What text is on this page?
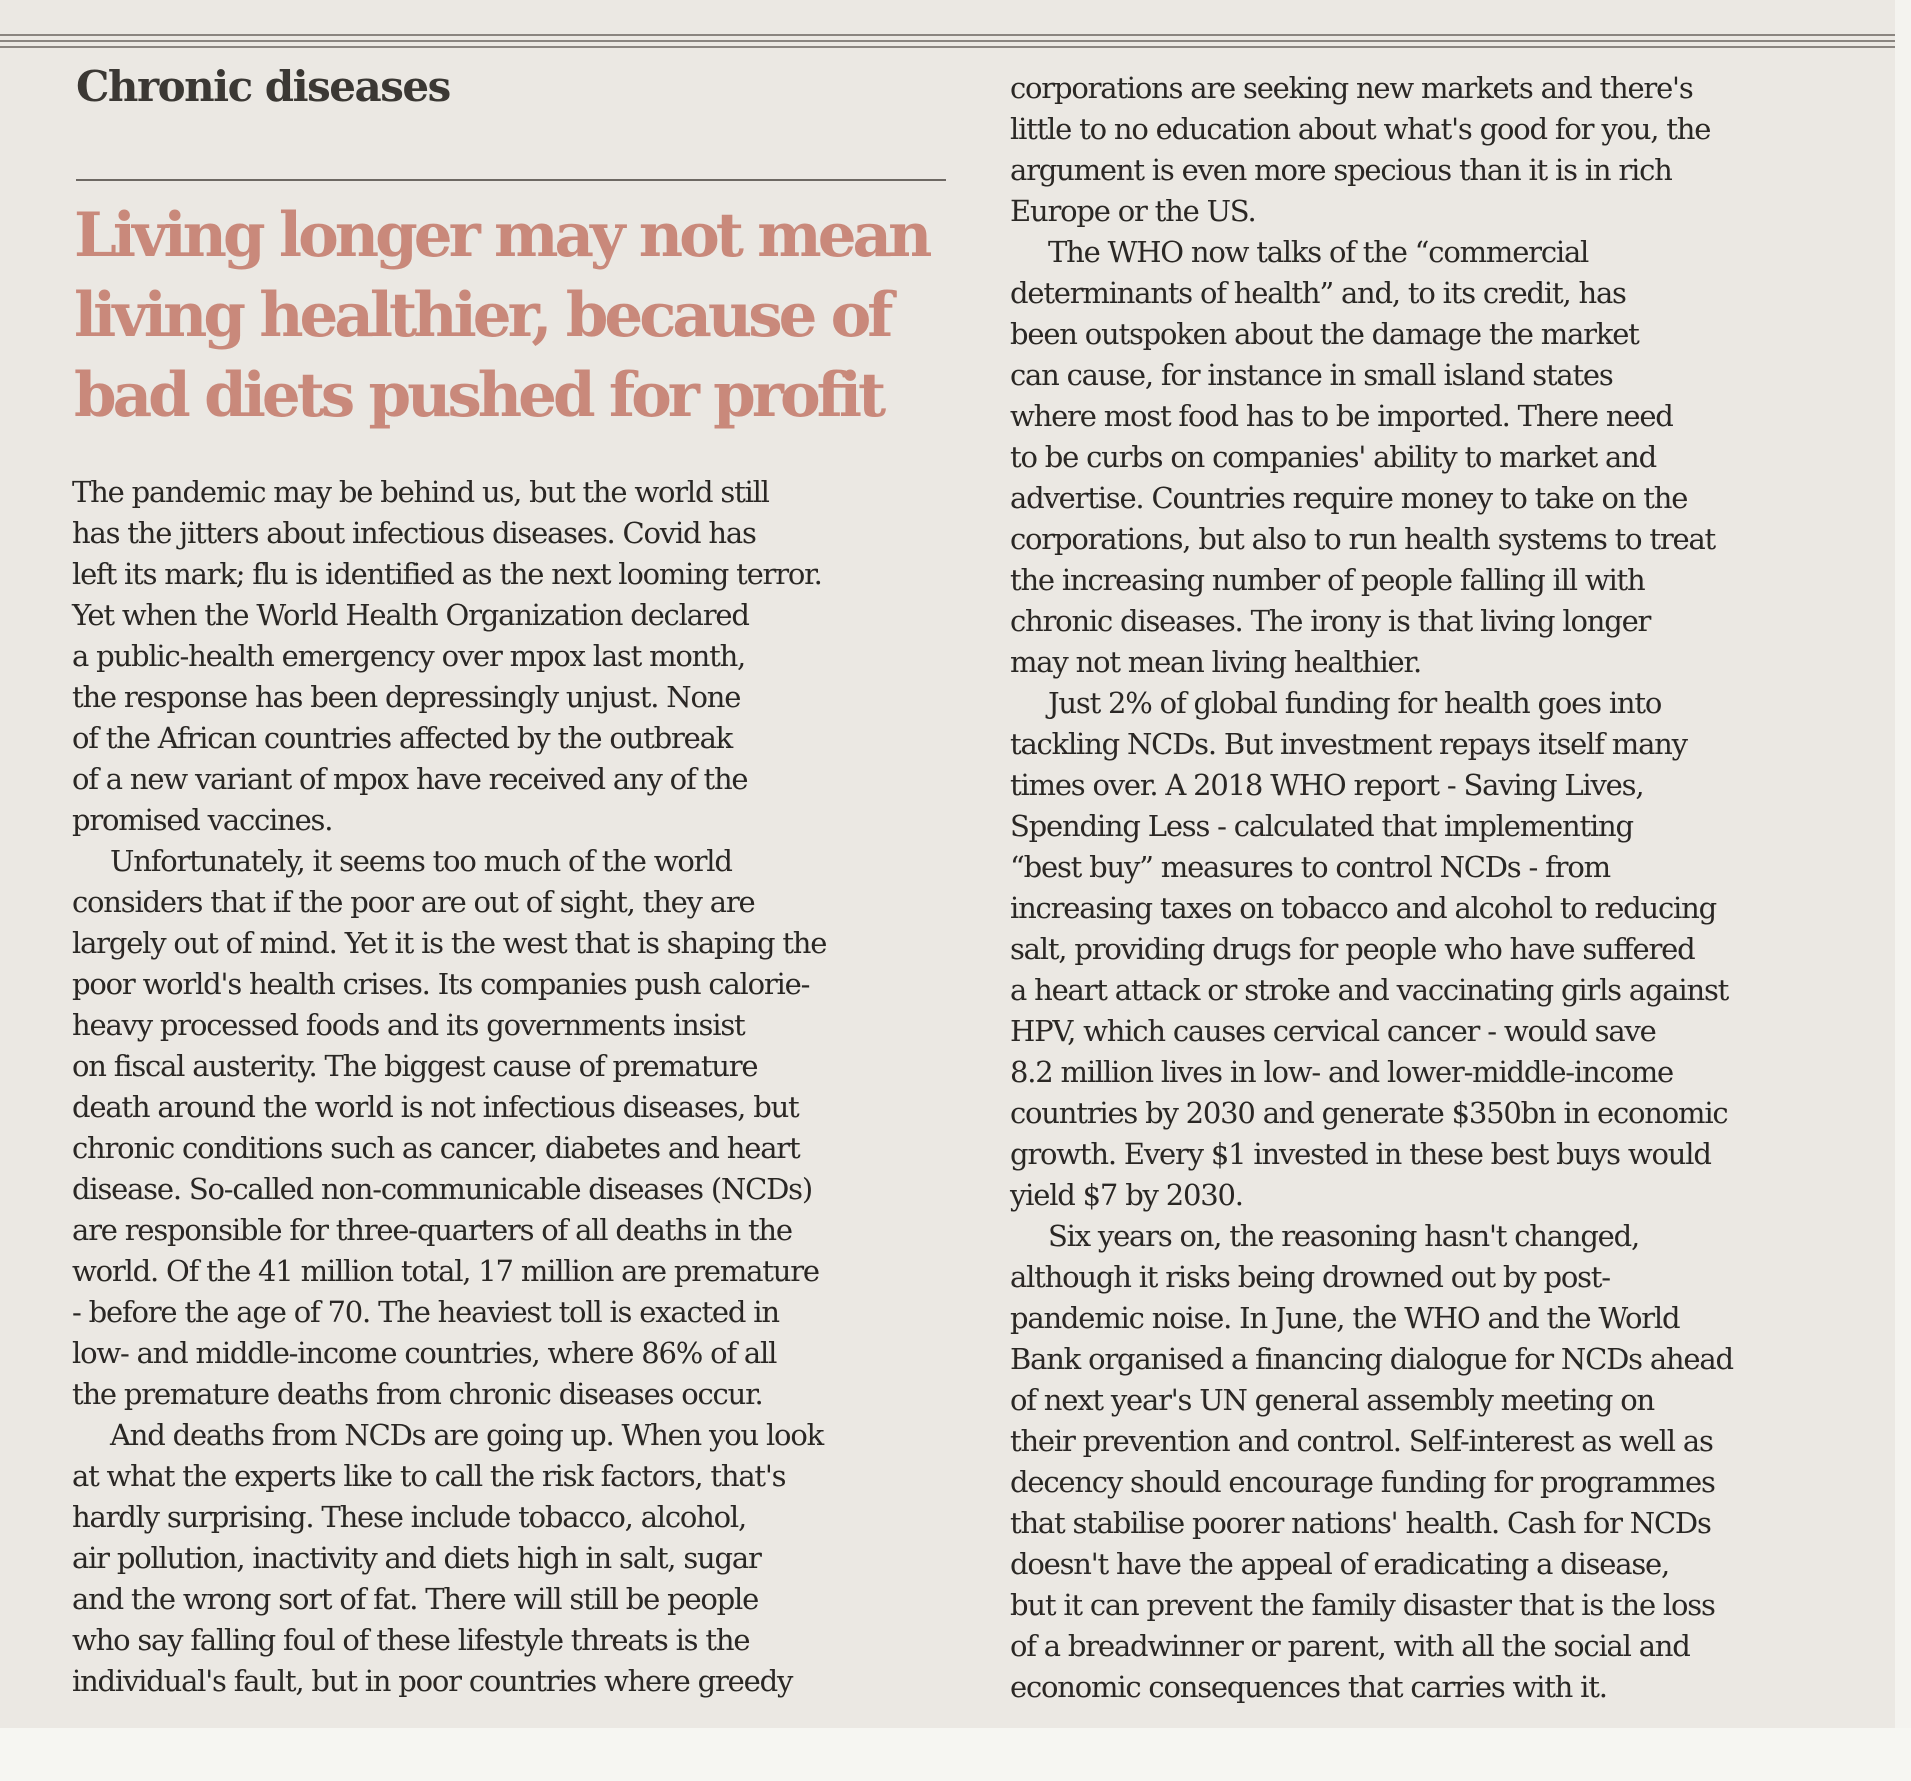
Chronic diseases
Living longer may not mean
living healthier, because of
bad diets pushed for profit
The pandemic may be behind us, but the world still
has the jitters about infectious diseases. Covid has
left its mark; flu is identified as the next looming terror.
Yet when the World Health Organization declared
a public-health emergency over mpox last month,
the response has been depressingly unjust. None
of the African countries affected by the outbreak
of a new variant of mpox have received any of the
promised vaccines.
Unfortunately, it seems too much of the world
considers that if the poor are out of sight, they are
largely out of mind. Yet it is the west that is shaping the
poor world's health crises. Its companies push calorie-
heavy processed foods and its governments insist
on fiscal austerity. The biggest cause of premature
death around the world is not infectious diseases, but
chronic conditions such as cancer, diabetes and heart
disease. So-called non-communicable diseases (NCDs)
are responsible for three-quarters of all deaths in the
world. Of the 41 million total, 17 million are premature
- before the age of 70. The heaviest toll is exacted in
low- and middle-income countries, where 86% of all
the premature deaths from chronic diseases occur.
And deaths from NCDs are going up. When you look
at what the experts like to call the risk factors, that's
hardly surprising. These include tobacco, alcohol,
air pollution, inactivity and diets high in salt, sugar
and the wrong sort of fat. There will still be people
who say falling foul of these lifestyle threats is the
individual's fault, but in poor countries where greedy
corporations are seeking new markets and there's
little to no education about what's good for you, the
argument is even more specious than it is in rich
Europe or the US.
The WHO now talks of the “commercial
determinants of health” and, to its credit, has
been outspoken about the damage the market
can cause, for instance in small island states
where most food has to be imported. There need
to be curbs on companies' ability to market and
advertise. Countries require money to take on the
corporations, but also to run health systems to treat
the increasing number of people falling ill with
chronic diseases. The irony is that living longer
may not mean living healthier.
Just 2% of global funding for health goes into
tackling NCDs. But investment repays itself many
times over. A 2018 WHO report - Saving Lives,
Spending Less - calculated that implementing
“best buy” measures to control NCDs - from
increasing taxes on tobacco and alcohol to reducing
salt, providing drugs for people who have suffered
a heart attack or stroke and vaccinating girls against
HPV, which causes cervical cancer - would save
8.2 million lives in low- and lower-middle-income
countries by 2030 and generate $350bn in economic
growth. Every $1 invested in these best buys would
yield $7 by 2030.
Six years on, the reasoning hasn't changed,
although it risks being drowned out by post-
pandemic noise. In June, the WHO and the World
Bank organised a financing dialogue for NCDs ahead
of next year's UN general assembly meeting on
their prevention and control. Self-interest as well as
decency should encourage funding for programmes
that stabilise poorer nations' health. Cash for NCDs
doesn't have the appeal of eradicating a disease,
but it can prevent the family disaster that is the loss
of a breadwinner or parent, with all the social and
economic consequences that carries with it.
